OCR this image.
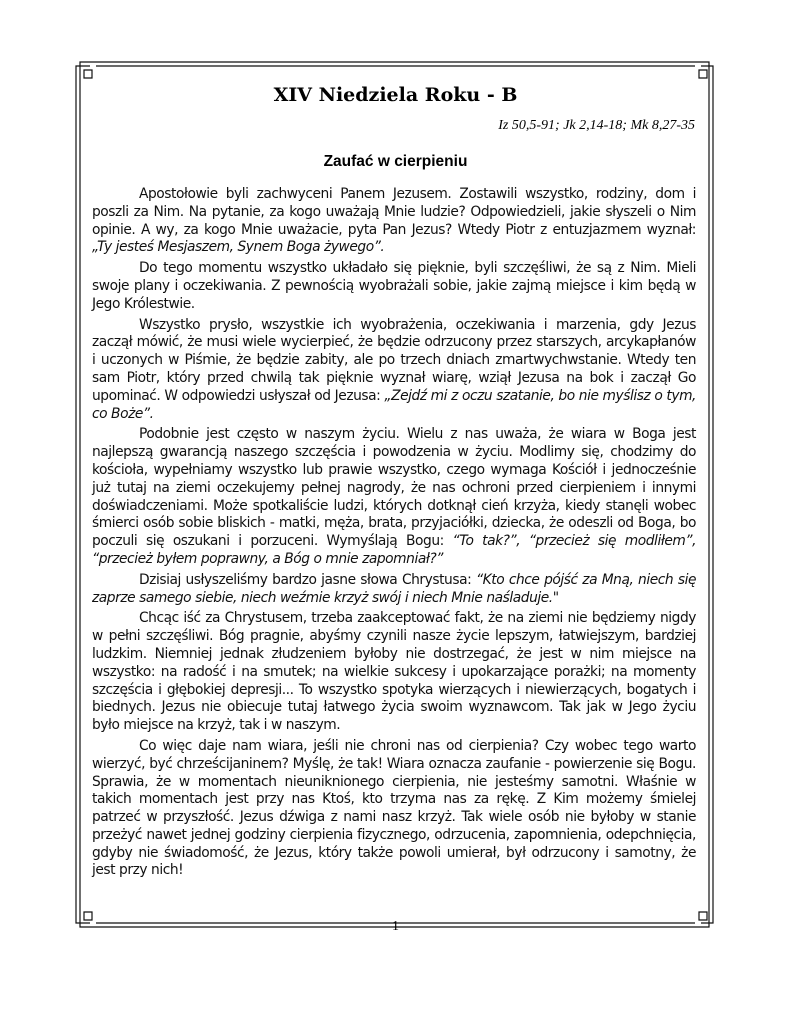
XIV Niedziela Roku - B
Iz 50,5-91; Jk 2,14-18; Mk 8,27-35
Zaufać w cierpieniu

Apostołowie byli zachwyceni Panem Jezusem. Zostawili wszystko, rodziny, dom i poszli za Nim. Na pytanie, za kogo uważają Mnie ludzie? Odpowiedzieli, jakie słyszeli o Nim opinie. A wy, za kogo Mnie uważacie, pyta Pan Jezus? Wtedy Piotr z entuzjazmem wyznał: „Ty jesteś Mesjaszem, Synem Boga żywego”.

Do tego momentu wszystko układało się pięknie, byli szczęśliwi, że są z Nim. Mieli swoje plany i oczekiwania. Z pewnością wyobrażali sobie, jakie zajmą miejsce i kim będą w Jego Królestwie.

Wszystko prysło, wszystkie ich wyobrażenia, oczekiwania i marzenia, gdy Jezus zaczął mówić, że musi wiele wycierpieć, że będzie odrzucony przez starszych, arcykapłanów i uczonych w Piśmie, że będzie zabity, ale po trzech dniach zmartwychwstanie. Wtedy ten sam Piotr, który przed chwilą tak pięknie wyznał wiarę, wziął Jezusa na bok i zaczął Go upominać. W odpowiedzi usłyszał od Jezusa: „Zejdź mi z oczu szatanie, bo nie myślisz o tym, co Boże”.

Podobnie jest często w naszym życiu. Wielu z nas uważa, że wiara w Boga jest najlepszą gwarancją naszego szczęścia i powodzenia w życiu. Modlimy się, chodzimy do kościoła, wypełniamy wszystko lub prawie wszystko, czego wymaga Kościół i jednocześnie już tutaj na ziemi oczekujemy pełnej nagrody, że nas ochroni przed cierpieniem i innymi doświadczeniami. Może spotkaliście ludzi, których dotknął cień krzyża, kiedy stanęli wobec śmierci osób sobie bliskich - matki, męża, brata, przyjaciółki, dziecka, że odeszli od Boga, bo poczuli się oszukani i porzuceni. Wymyślają Bogu: “To tak?”, “przecież się modliłem”, “przecież byłem poprawny, a Bóg o mnie zapomniał?”

Dzisiaj usłyszeliśmy bardzo jasne słowa Chrystusa: “Kto chce pójść za Mną, niech się zaprze samego siebie, niech weźmie krzyż swój i niech Mnie naśladuje."

Chcąc iść za Chrystusem, trzeba zaakceptować fakt, że na ziemi nie będziemy nigdy w pełni szczęśliwi. Bóg pragnie, abyśmy czynili nasze życie lepszym, łatwiejszym, bardziej ludzkim. Niemniej jednak złudzeniem byłoby nie dostrzegać, że jest w nim miejsce na wszystko: na radość i na smutek; na wielkie sukcesy i upokarzające porażki; na momenty szczęścia i głębokiej depresji... To wszystko spotyka wierzących i niewierzących, bogatych i biednych. Jezus nie obiecuje tutaj łatwego życia swoim wyznawcom. Tak jak w Jego życiu było miejsce na krzyż, tak i w naszym.

Co więc daje nam wiara, jeśli nie chroni nas od cierpienia? Czy wobec tego warto wierzyć, być chrześcijaninem? Myślę, że tak! Wiara oznacza zaufanie - powierzenie się Bogu. Sprawia, że w momentach nieuniknionego cierpienia, nie jesteśmy samotni. Właśnie w takich momentach jest przy nas Ktoś, kto trzyma nas za rękę. Z Kim możemy śmielej patrzeć w przyszłość. Jezus dźwiga z nami nasz krzyż. Tak wiele osób nie byłoby w stanie przeżyć nawet jednej godziny cierpienia fizycznego, odrzucenia, zapomnienia, odepchnięcia, gdyby nie świadomość, że Jezus, który także powoli umierał, był odrzucony i samotny, że jest przy nich!

1
